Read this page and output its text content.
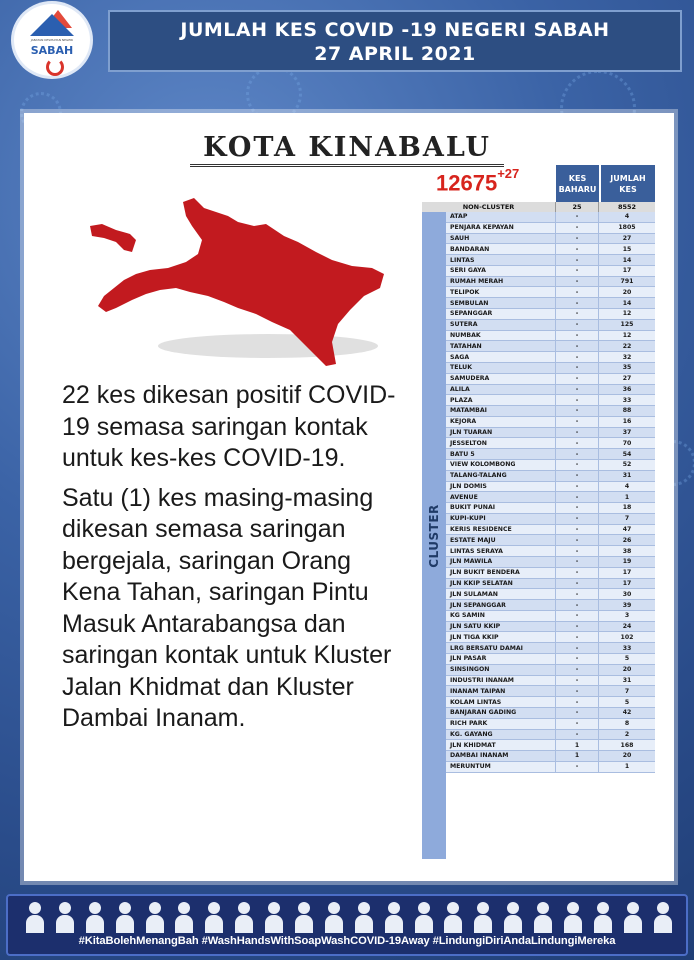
JABATAN KESIHATAN NEGERI
SABAH
JUMLAH KES COVID -19 NEGERI SABAH
27 APRIL 2021
KOTA KINABALU

22 kes dikesan positif COVID-19 semasa saringan kontak untuk kes-kes COVID-19.

Satu (1) kes masing-masing dikesan semasa saringan bergejala, saringan Orang Kena Tahan, saringan Pintu Masuk Antarabangsa dan saringan kontak untuk Kluster Jalan Khidmat dan Kluster Dambai Inanam.

$12675^{+27}$	KES BAHARU
JUMLAH KES
NON-CLUSTER	25	8552
CLUSTER
ATAP	-	4
PENJARA KEPAYAN	-	1805
SAUH	-	27
BANDARAN	-	15
LINTAS	-	14
SERI GAYA	-	17
RUMAH MERAH	-	791
TELIPOK	-	20
SEMBULAN	-	14
SEPANGGAR	-	12
SUTERA	-	125
NUMBAK	-	12
TATAHAN	-	22
SAGA	-	32
TELUK	-	35
SAMUDERA	-	27
ALILA	-	36
PLAZA	-	33
MATAMBAI	-	88
KEJORA	-	16
JLN TUARAN	-	37
JESSELTON	-	70
BATU 5	-	54
VIEW KOLOMBONG	-	52
TALANG-TALANG	-	31
JLN DOMIS	-	4
AVENUE	-	1
BUKIT PUNAI	-	18
KUPI-KUPI	-	7
KERIS RESIDENCE	-	47
ESTATE MAJU	-	26
LINTAS SERAYA	-	38
JLN MAWILA	-	19
JLN BUKIT BENDERA	-	17
JLN KKIP SELATAN	-	17
JLN SULAMAN	-	30
JLN SEPANGGAR	-	39
KG SAMIN	-	3
JLN SATU KKIP	-	24
JLN TIGA KKIP	-	102
LRG BERSATU DAMAI	-	33
JLN PASAR	-	5
SINSINGON	-	20
INDUSTRI INANAM	-	31
INANAM TAIPAN	-	7
KOLAM LINTAS	-	5
BANJARAN GADING	-	42
RICH PARK	-	8
KG. GAYANG	-	2
JLN KHIDMAT	1	168
DAMBAI INANAM	1	20
MERUNTUM	-	1
#KitaBolehMenangBah #WashHandsWithSoapWashCOVID-19Away #LindungiDiriAndaLindungiMereka
